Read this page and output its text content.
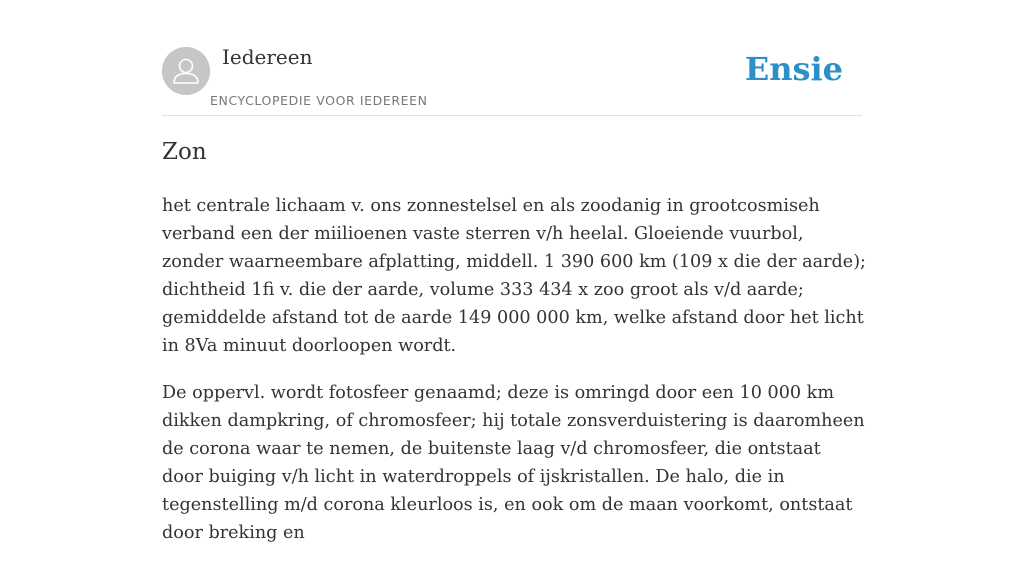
Iedereen
ENCYCLOPEDIE VOOR IEDEREEN
Ensie
Zon

het centrale lichaam v. ons zonnestelsel en als zoodanig in grootcosmiseh verband een der miilioenen vaste sterren v/h heelal. Gloeiende vuurbol, zonder waarneembare afplatting, middell. 1 390 600 km (109 x die der aarde); dichtheid 1fi v. die der aarde, volume 333 434 x zoo groot als v/d aarde; gemiddelde afstand tot de aarde 149 000 000 km, welke afstand door het licht in 8Va minuut doorloopen wordt.

De oppervl. wordt fotosfeer genaamd; deze is omringd door een 10 000 km dikken dampkring, of chromosfeer; hij totale zonsverduistering is daaromheen de corona waar te nemen, de buitenste laag v/d chromosfeer, die ontstaat door buiging v/h licht in waterdroppels of ijskristallen. De halo, die in tegenstelling m/d corona kleurloos is, en ook om de maan voorkomt, ontstaat door breking en
